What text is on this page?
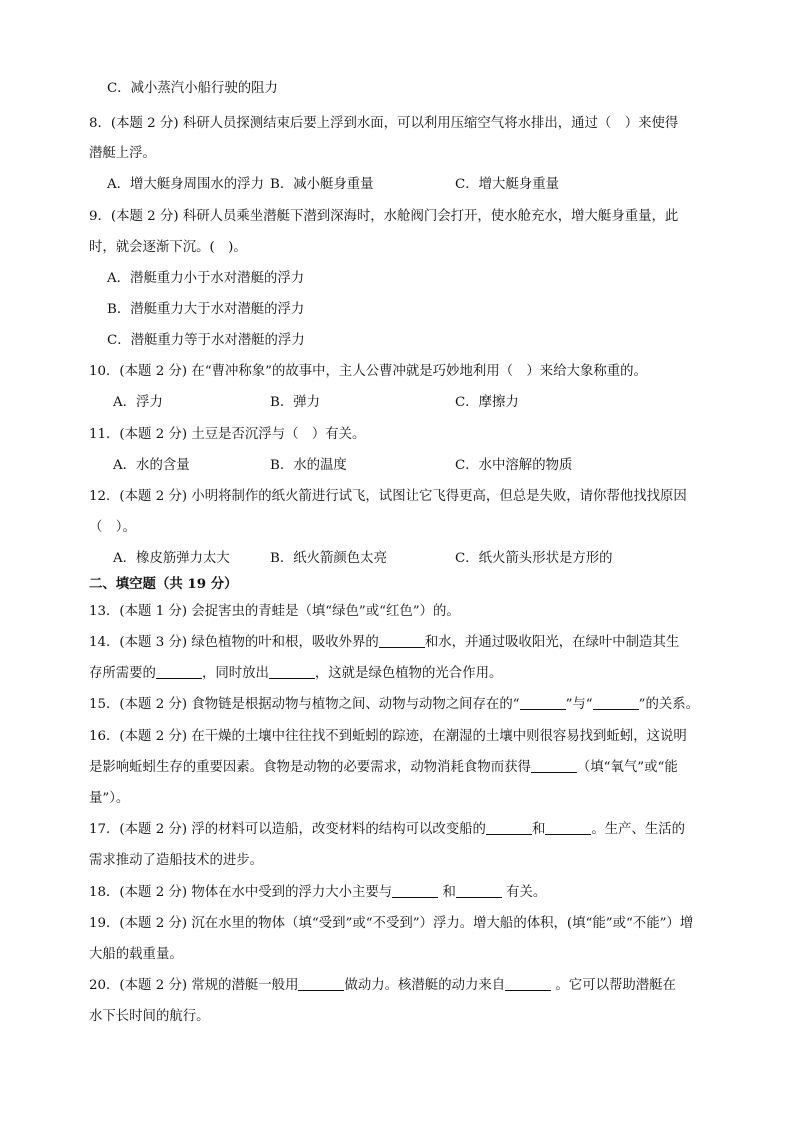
C．减小蒸汽小船行驶的阻力
8．(本题 2 分) 科研人员探测结束后要上浮到水面，可以利用压缩空气将水排出，通过（　）来使得
潜艇上浮。
A．增大艇身周围水的浮力 B．减小艇身重量	C．增大艇身重量
9．(本题 2 分) 科研人员乘坐潜艇下潜到深海时，水舱阀门会打开，使水舱充水，增大艇身重量，此
时，就会逐渐下沉。(　)。
A．潜艇重力小于水对潜艇的浮力
B．潜艇重力大于水对潜艇的浮力
C．潜艇重力等于水对潜艇的浮力
10．(本题 2 分) 在“曹冲称象”的故事中，主人公曹冲就是巧妙地利用（　）来给大象称重的。
A．浮力	B．弹力	C．摩擦力
11．(本题 2 分) 土豆是否沉浮与（　）有关。
A．水的含量	B．水的温度	C．水中溶解的物质
12．(本题 2 分) 小明将制作的纸火箭进行试飞，试图让它飞得更高，但总是失败，请你帮他找找原因
（　）。
A．橡皮筋弹力太大	B．纸火箭颜色太亮	C．纸火箭头形状是方形的
二、填空题（共 19 分）
13．(本题 1 分) 会捉害虫的青蛙是（填“绿色”或“红色”）的。
14．(本题 3 分) 绿色植物的叶和根，吸收外界的	和水，并通过吸收阳光，在绿叶中制造其生
存所需要的	，同时放出	，这就是绿色植物的光合作用。
15．(本题 2 分) 食物链是根据动物与植物之间、动物与动物之间存在的“	”与“	”的关系。
16．(本题 2 分) 在干燥的土壤中往往找不到蚯蚓的踪迹，在潮湿的土壤中则很容易找到蚯蚓，这说明
是影响蚯蚓生存的重要因素。食物是动物的必要需求，动物消耗食物而获得	（填“氧气”或“能
量”）。
17．(本题 2 分) 浮的材料可以造船，改变材料的结构可以改变船的	和	。生产、生活的
需求推动了造船技术的进步。
18．(本题 2 分) 物体在水中受到的浮力大小主要与	和	有关。
19．(本题 2 分) 沉在水里的物体（填“受到”或“不受到”）浮力。增大船的体积，(填“能”或“不能”）增
大船的载重量。
20．(本题 2 分) 常规的潜艇一般用	做动力。核潜艇的动力来自	。它可以帮助潜艇在
水下长时间的航行。
